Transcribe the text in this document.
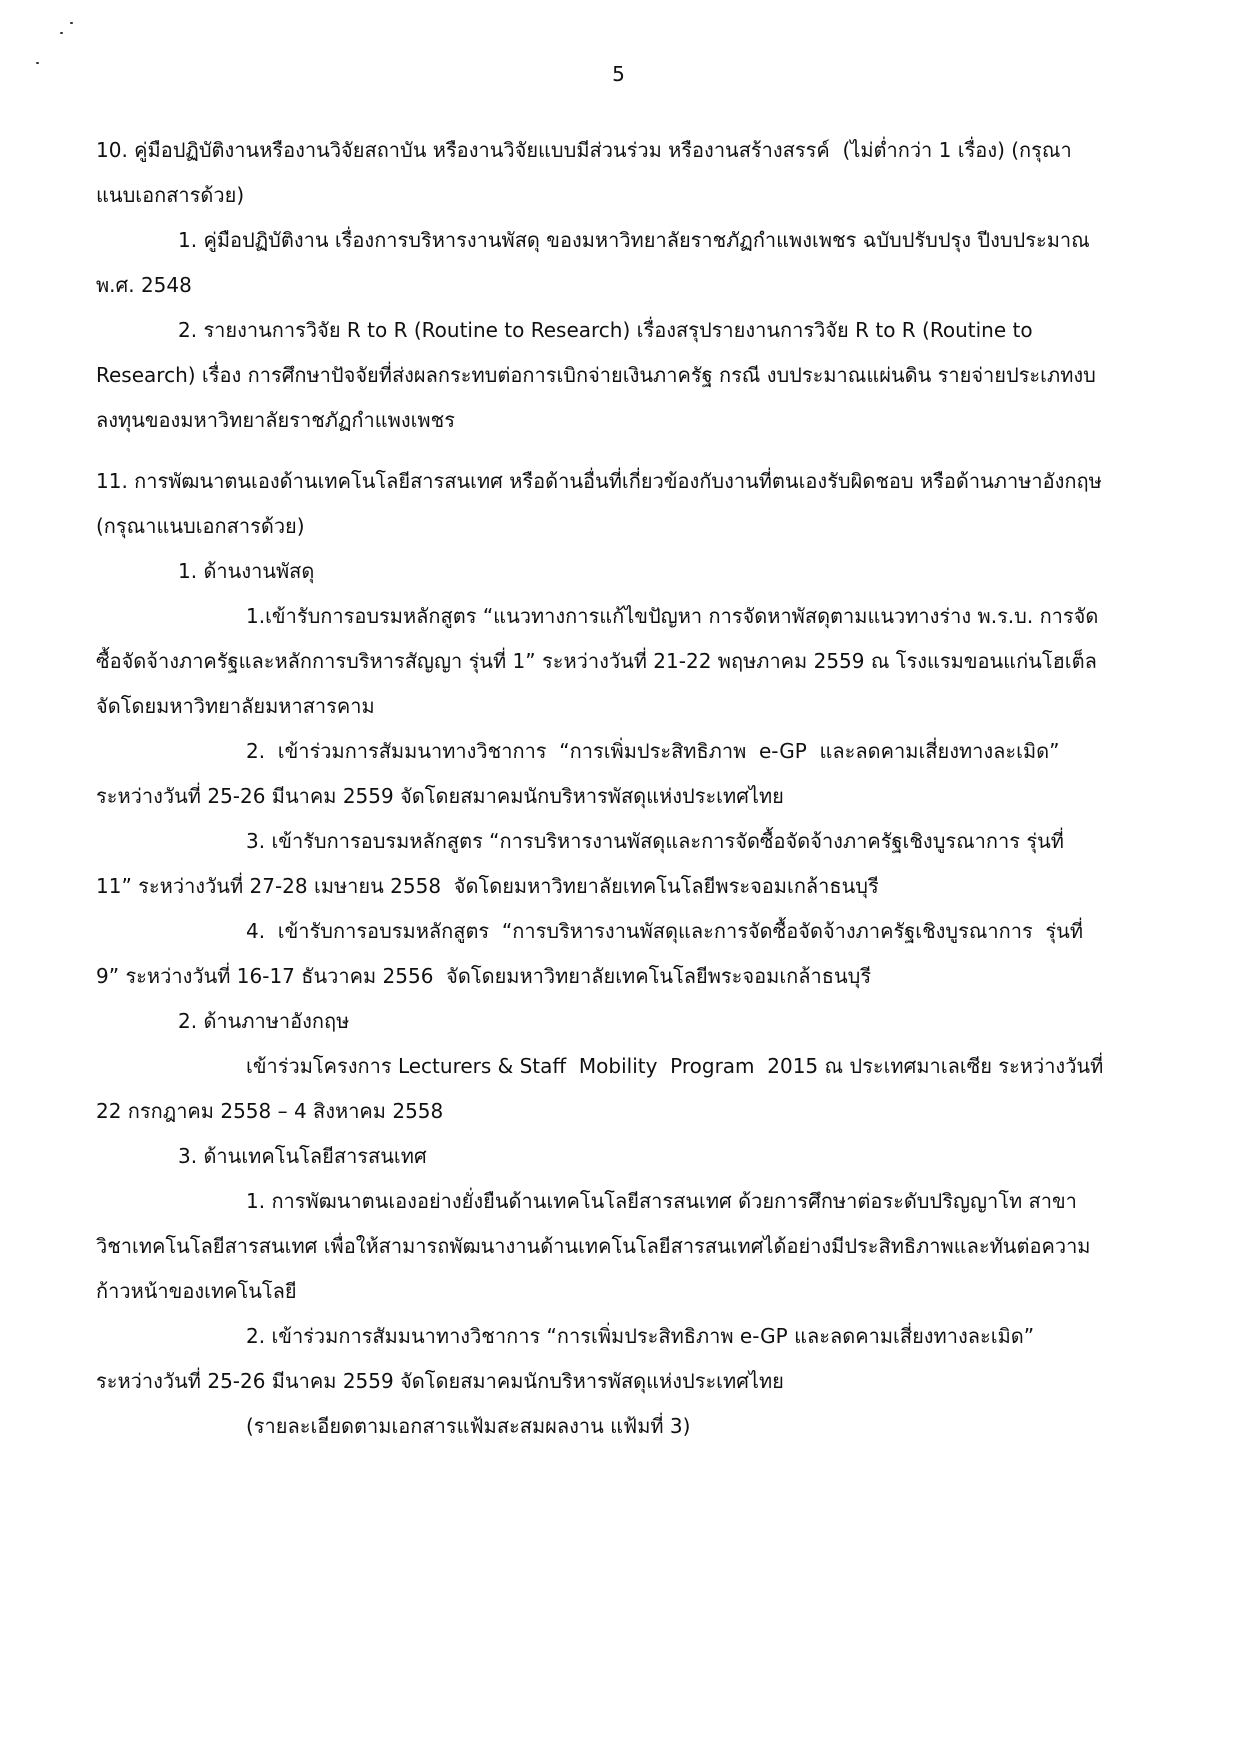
5

10. คู่มือปฏิบัติงานหรืองานวิจัยสถาบัน หรืองานวิจัยแบบมีส่วนร่วม หรืองานสร้างสรรค์  (ไม่ต่ำกว่า 1 เรื่อง) (กรุณาแนบเอกสารด้วย)

1. คู่มือปฏิบัติงาน เรื่องการบริหารงานพัสดุ ของมหาวิทยาลัยราชภัฏกำแพงเพชร ฉบับปรับปรุง ปีงบประมาณ พ.ศ. 2548

2. รายงานการวิจัย R to R (Routine to Research) เรื่องสรุปรายงานการวิจัย R to R (Routine to Research) เรื่อง การศึกษาปัจจัยที่ส่งผลกระทบต่อการเบิกจ่ายเงินภาครัฐ กรณี งบประมาณแผ่นดิน รายจ่ายประเภทงบลงทุนของมหาวิทยาลัยราชภัฏกำแพงเพชร

11. การพัฒนาตนเองด้านเทคโนโลยีสารสนเทศ หรือด้านอื่นที่เกี่ยวข้องกับงานที่ตนเองรับผิดชอบ หรือด้านภาษาอังกฤษ (กรุณาแนบเอกสารด้วย)

1. ด้านงานพัสดุ

1.เข้ารับการอบรมหลักสูตร “แนวทางการแก้ไขปัญหา การจัดหาพัสดุตามแนวทางร่าง พ.ร.บ. การจัดซื้อจัดจ้างภาครัฐและหลักการบริหารสัญญา รุ่นที่ 1” ระหว่างวันที่ 21-22 พฤษภาคม 2559 ณ โรงแรมขอนแก่นโฮเต็ล จัดโดยมหาวิทยาลัยมหาสารคาม

2.  เข้าร่วมการสัมมนาทางวิชาการ  “การเพิ่มประสิทธิภาพ  e-GP  และลดคามเสี่ยงทางละเมิด” ระหว่างวันที่ 25-26 มีนาคม 2559 จัดโดยสมาคมนักบริหารพัสดุแห่งประเทศไทย

3. เข้ารับการอบรมหลักสูตร “การบริหารงานพัสดุและการจัดซื้อจัดจ้างภาครัฐเชิงบูรณาการ รุ่นที่ 11” ระหว่างวันที่ 27-28 เมษายน 2558  จัดโดยมหาวิทยาลัยเทคโนโลยีพระจอมเกล้าธนบุรี

4.  เข้ารับการอบรมหลักสูตร  “การบริหารงานพัสดุและการจัดซื้อจัดจ้างภาครัฐเชิงบูรณาการ  รุ่นที่  9” ระหว่างวันที่ 16-17 ธันวาคม 2556  จัดโดยมหาวิทยาลัยเทคโนโลยีพระจอมเกล้าธนบุรี

2. ด้านภาษาอังกฤษ

เข้าร่วมโครงการ Lecturers & Staff  Mobility  Program  2015 ณ ประเทศมาเลเซีย ระหว่างวันที่ 22 กรกฎาคม 2558 – 4 สิงหาคม 2558

3. ด้านเทคโนโลยีสารสนเทศ

1. การพัฒนาตนเองอย่างยั่งยืนด้านเทคโนโลยีสารสนเทศ ด้วยการศึกษาต่อระดับปริญญาโท สาขาวิชาเทคโนโลยีสารสนเทศ เพื่อให้สามารถพัฒนางานด้านเทคโนโลยีสารสนเทศได้อย่างมีประสิทธิภาพและทันต่อความก้าวหน้าของเทคโนโลยี

2. เข้าร่วมการสัมมนาทางวิชาการ “การเพิ่มประสิทธิภาพ e-GP และลดคามเสี่ยงทางละเมิด” ระหว่างวันที่ 25-26 มีนาคม 2559 จัดโดยสมาคมนักบริหารพัสดุแห่งประเทศไทย

(รายละเอียดตามเอกสารแฟ้มสะสมผลงาน แฟ้มที่ 3)
